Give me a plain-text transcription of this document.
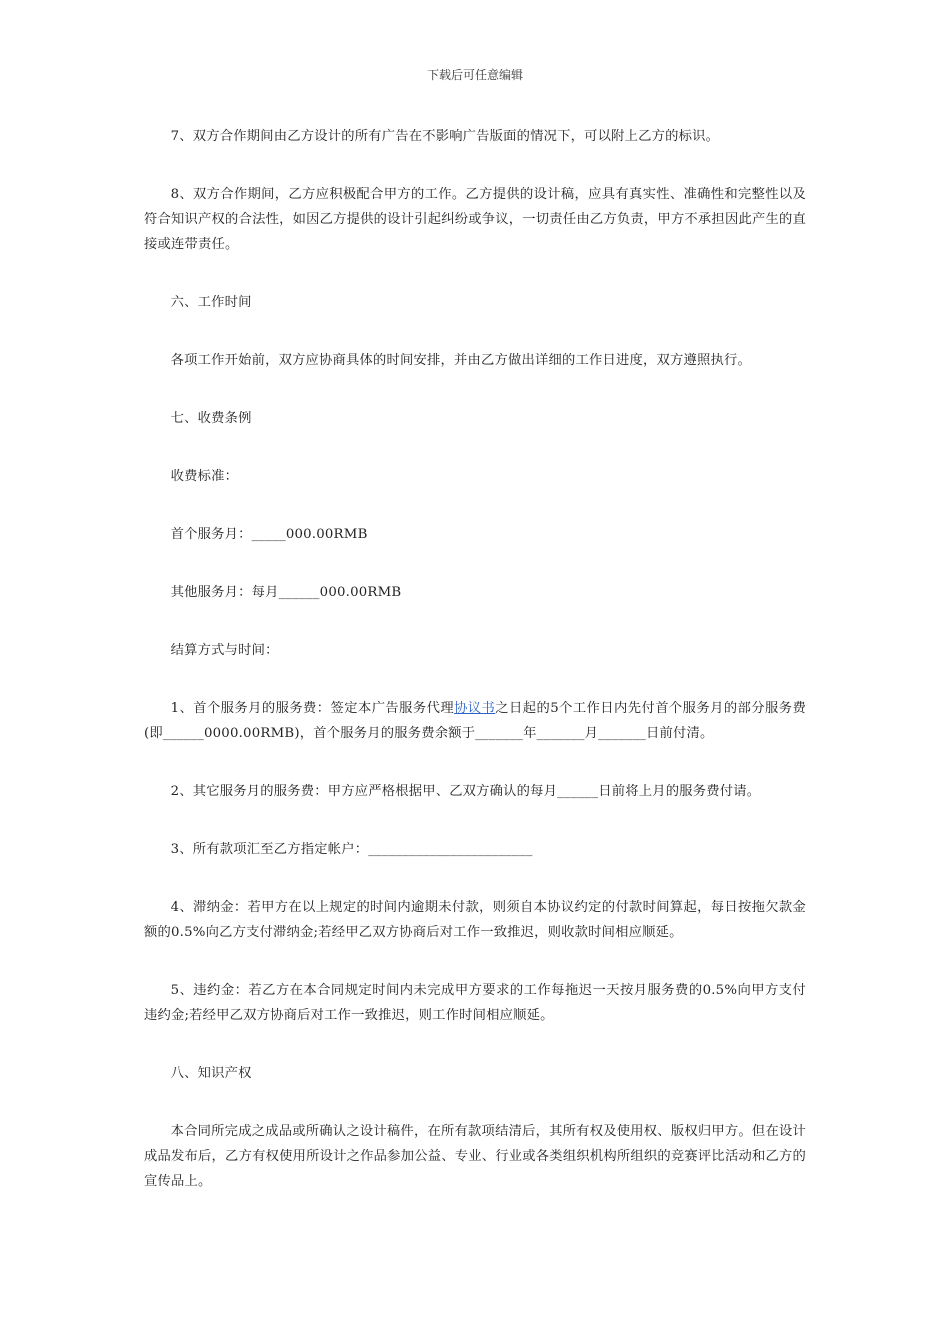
下载后可任意编辑

7、双方合作期间由乙方设计的所有广告在不影响广告版面的情况下，可以附上乙方的标识。

8、双方合作期间，乙方应积极配合甲方的工作。乙方提供的设计稿，应具有真实性、准确性和完整性以及符合知识产权的合法性，如因乙方提供的设计引起纠纷或争议，一切责任由乙方负责，甲方不承担因此产生的直接或连带责任。

六、工作时间

各项工作开始前，双方应协商具体的时间安排，并由乙方做出详细的工作日进度，双方遵照执行。

七、收费条例

收费标准：

首个服务月：_____000.00RMB

其他服务月：每月______000.00RMB

结算方式与时间：

1、首个服务月的服务费：签定本广告服务代理协议书之日起的5个工作日内先付首个服务月的部分服务费(即______0000.00RMB)，首个服务月的服务费余额于_______年_______月_______日前付清。

2、其它服务月的服务费：甲方应严格根据甲、乙双方确认的每月______日前将上月的服务费付请。

3、所有款项汇至乙方指定帐户：________________________

4、滞纳金：若甲方在以上规定的时间内逾期未付款，则须自本协议约定的付款时间算起，每日按拖欠款金额的0.5%向乙方支付滞纳金;若经甲乙双方协商后对工作一致推迟，则收款时间相应顺延。

5、违约金：若乙方在本合同规定时间内未完成甲方要求的工作每拖迟一天按月服务费的0.5%向甲方支付违约金;若经甲乙双方协商后对工作一致推迟，则工作时间相应顺延。

八、知识产权

本合同所完成之成品或所确认之设计稿件，在所有款项结清后，其所有权及使用权、版权归甲方。但在设计成品发布后，乙方有权使用所设计之作品参加公益、专业、行业或各类组织机构所组织的竞赛评比活动和乙方的宣传品上。
